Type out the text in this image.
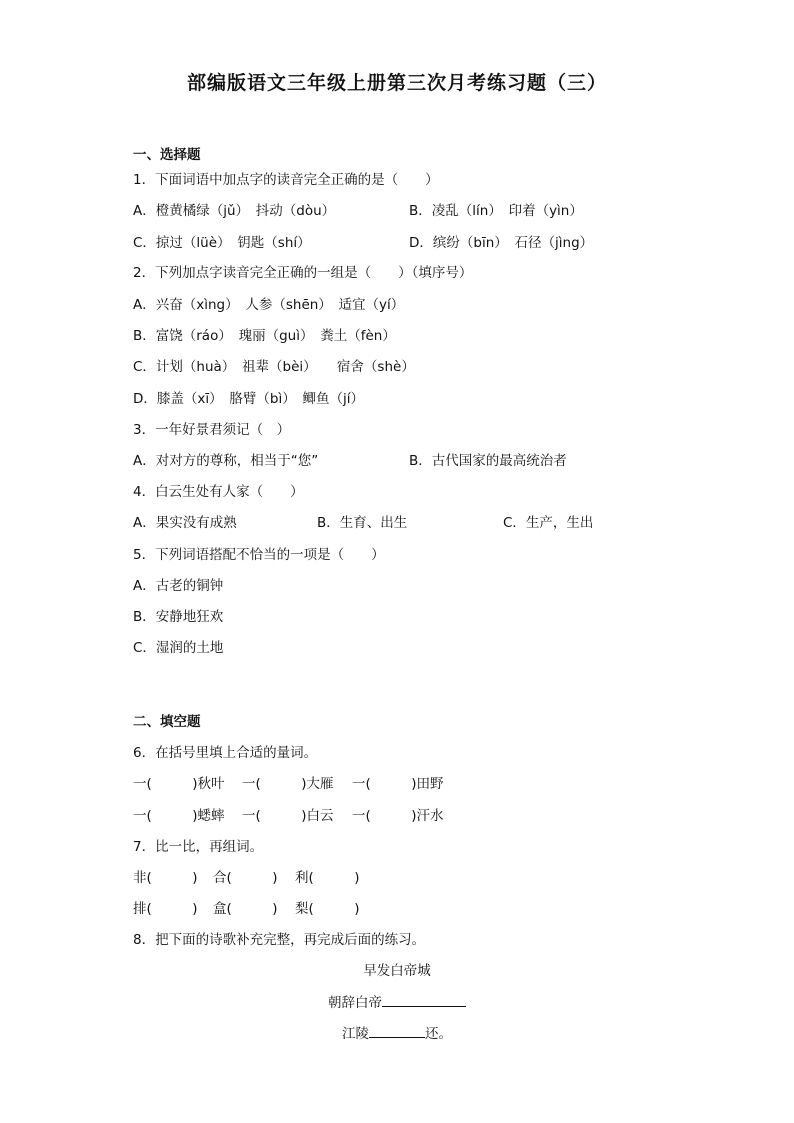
部编版语文三年级上册第三次月考练习题（三）
一、选择题
1．下面词语中加点字的读音完全正确的是（　　）
A．橙黄橘绿（jǔ）　抖动（dòu）	B．凌乱（lín）　印着（yìn）
C．掠过（lüè）　钥匙（shí）	D．缤纷（bīn）　石径（jìng）
2．下列加点字读音完全正确的一组是（　　）（填序号）
A．兴奋（xìng）　人参（shēn）　适宜（yí）
B．富饶（ráo）　瑰丽（guì）　粪土（fèn）
C．计划（huà）　祖辈（bèi）　　宿舍（shè）
D．膝盖（xī）　胳臂（bì）　鲫鱼（jí）
3．一年好景君须记（　）
A．对对方的尊称，相当于“您”	B．古代国家的最高统治者
4．白云生处有人家（　　）
A．果实没有成熟	B．生育、出生	C．生产，生出
5．下列词语搭配不恰当的一项是（　　）
A．古老的铜钟
B．安静地狂欢
C．湿润的土地
二、填空题
6．在括号里填上合适的量词。
一(　　　)秋叶 一(　　　)大雁 一(　　　)田野
一(　　　)蟋蟀 一(　　　)白云 一(　　　)汗水
7．比一比，再组词。
非(　　　) 合(　　　) 利(　　　)
排(　　　) 盒(　　　) 梨(　　　)
8．把下面的诗歌补充完整，再完成后面的练习。
早发白帝城
朝辞白帝
江陵	还。
